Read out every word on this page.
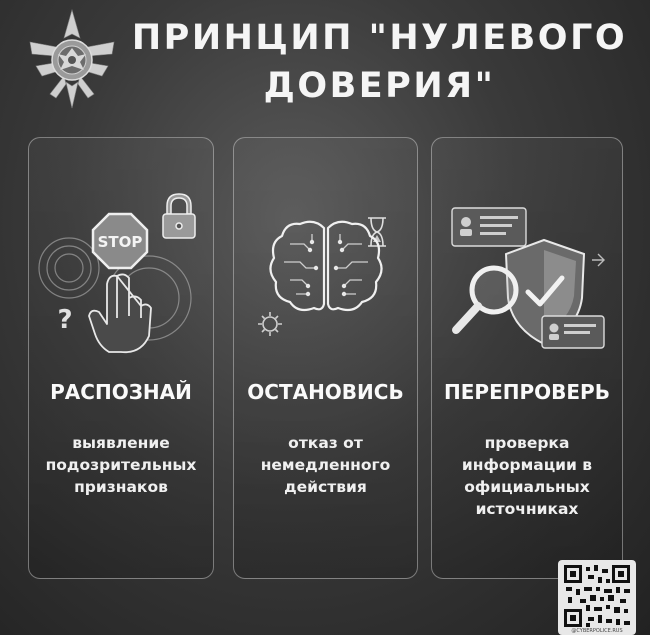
ПРИНЦИП "НУЛЕВОГО
ДОВЕРИЯ"
STOP
?
РАСПОЗНАЙ
выявление
подозрительных
признаков
ОСТАНОВИСЬ
отказ от
немедленного
действия
ПЕРЕПРОВЕРЬ
проверка
информации в
официальных
источниках
@CYBERPOLICE.RUS
